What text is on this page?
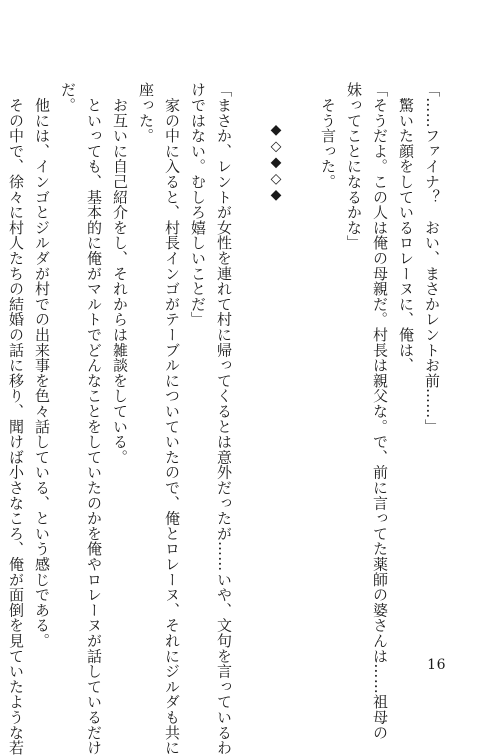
「……ファイナ？　おい、まさかレントお前……」
　驚いた顔をしているロレーヌに、俺は、
「そうだよ。この人は俺の母親だ。村長は親父な。で、前に言ってた薬師の婆さんは……祖母の
妹ってことになるかな」
　そう言った。
◆◇◆◇◆
「まさか、レントが女性を連れて村に帰ってくるとは意外だったが……いや、文句を言っているわ
けではない。むしろ嬉しいことだ」
　家の中に入ると、村長インゴがテーブルについていたので、俺とロレーヌ、それにジルダも共に
座った。
　お互いに自己紹介をし、それからは雑談をしている。
　といっても、基本的に俺がマルトでどんなことをしていたのかを俺やロレーヌが話しているだけ
だ。
　他には、インゴとジルダが村での出来事を色々話している、という感じである。
　その中で、徐々に村人たちの結婚の話に移り、聞けば小さなころ、俺が面倒を見ていたような若	16
